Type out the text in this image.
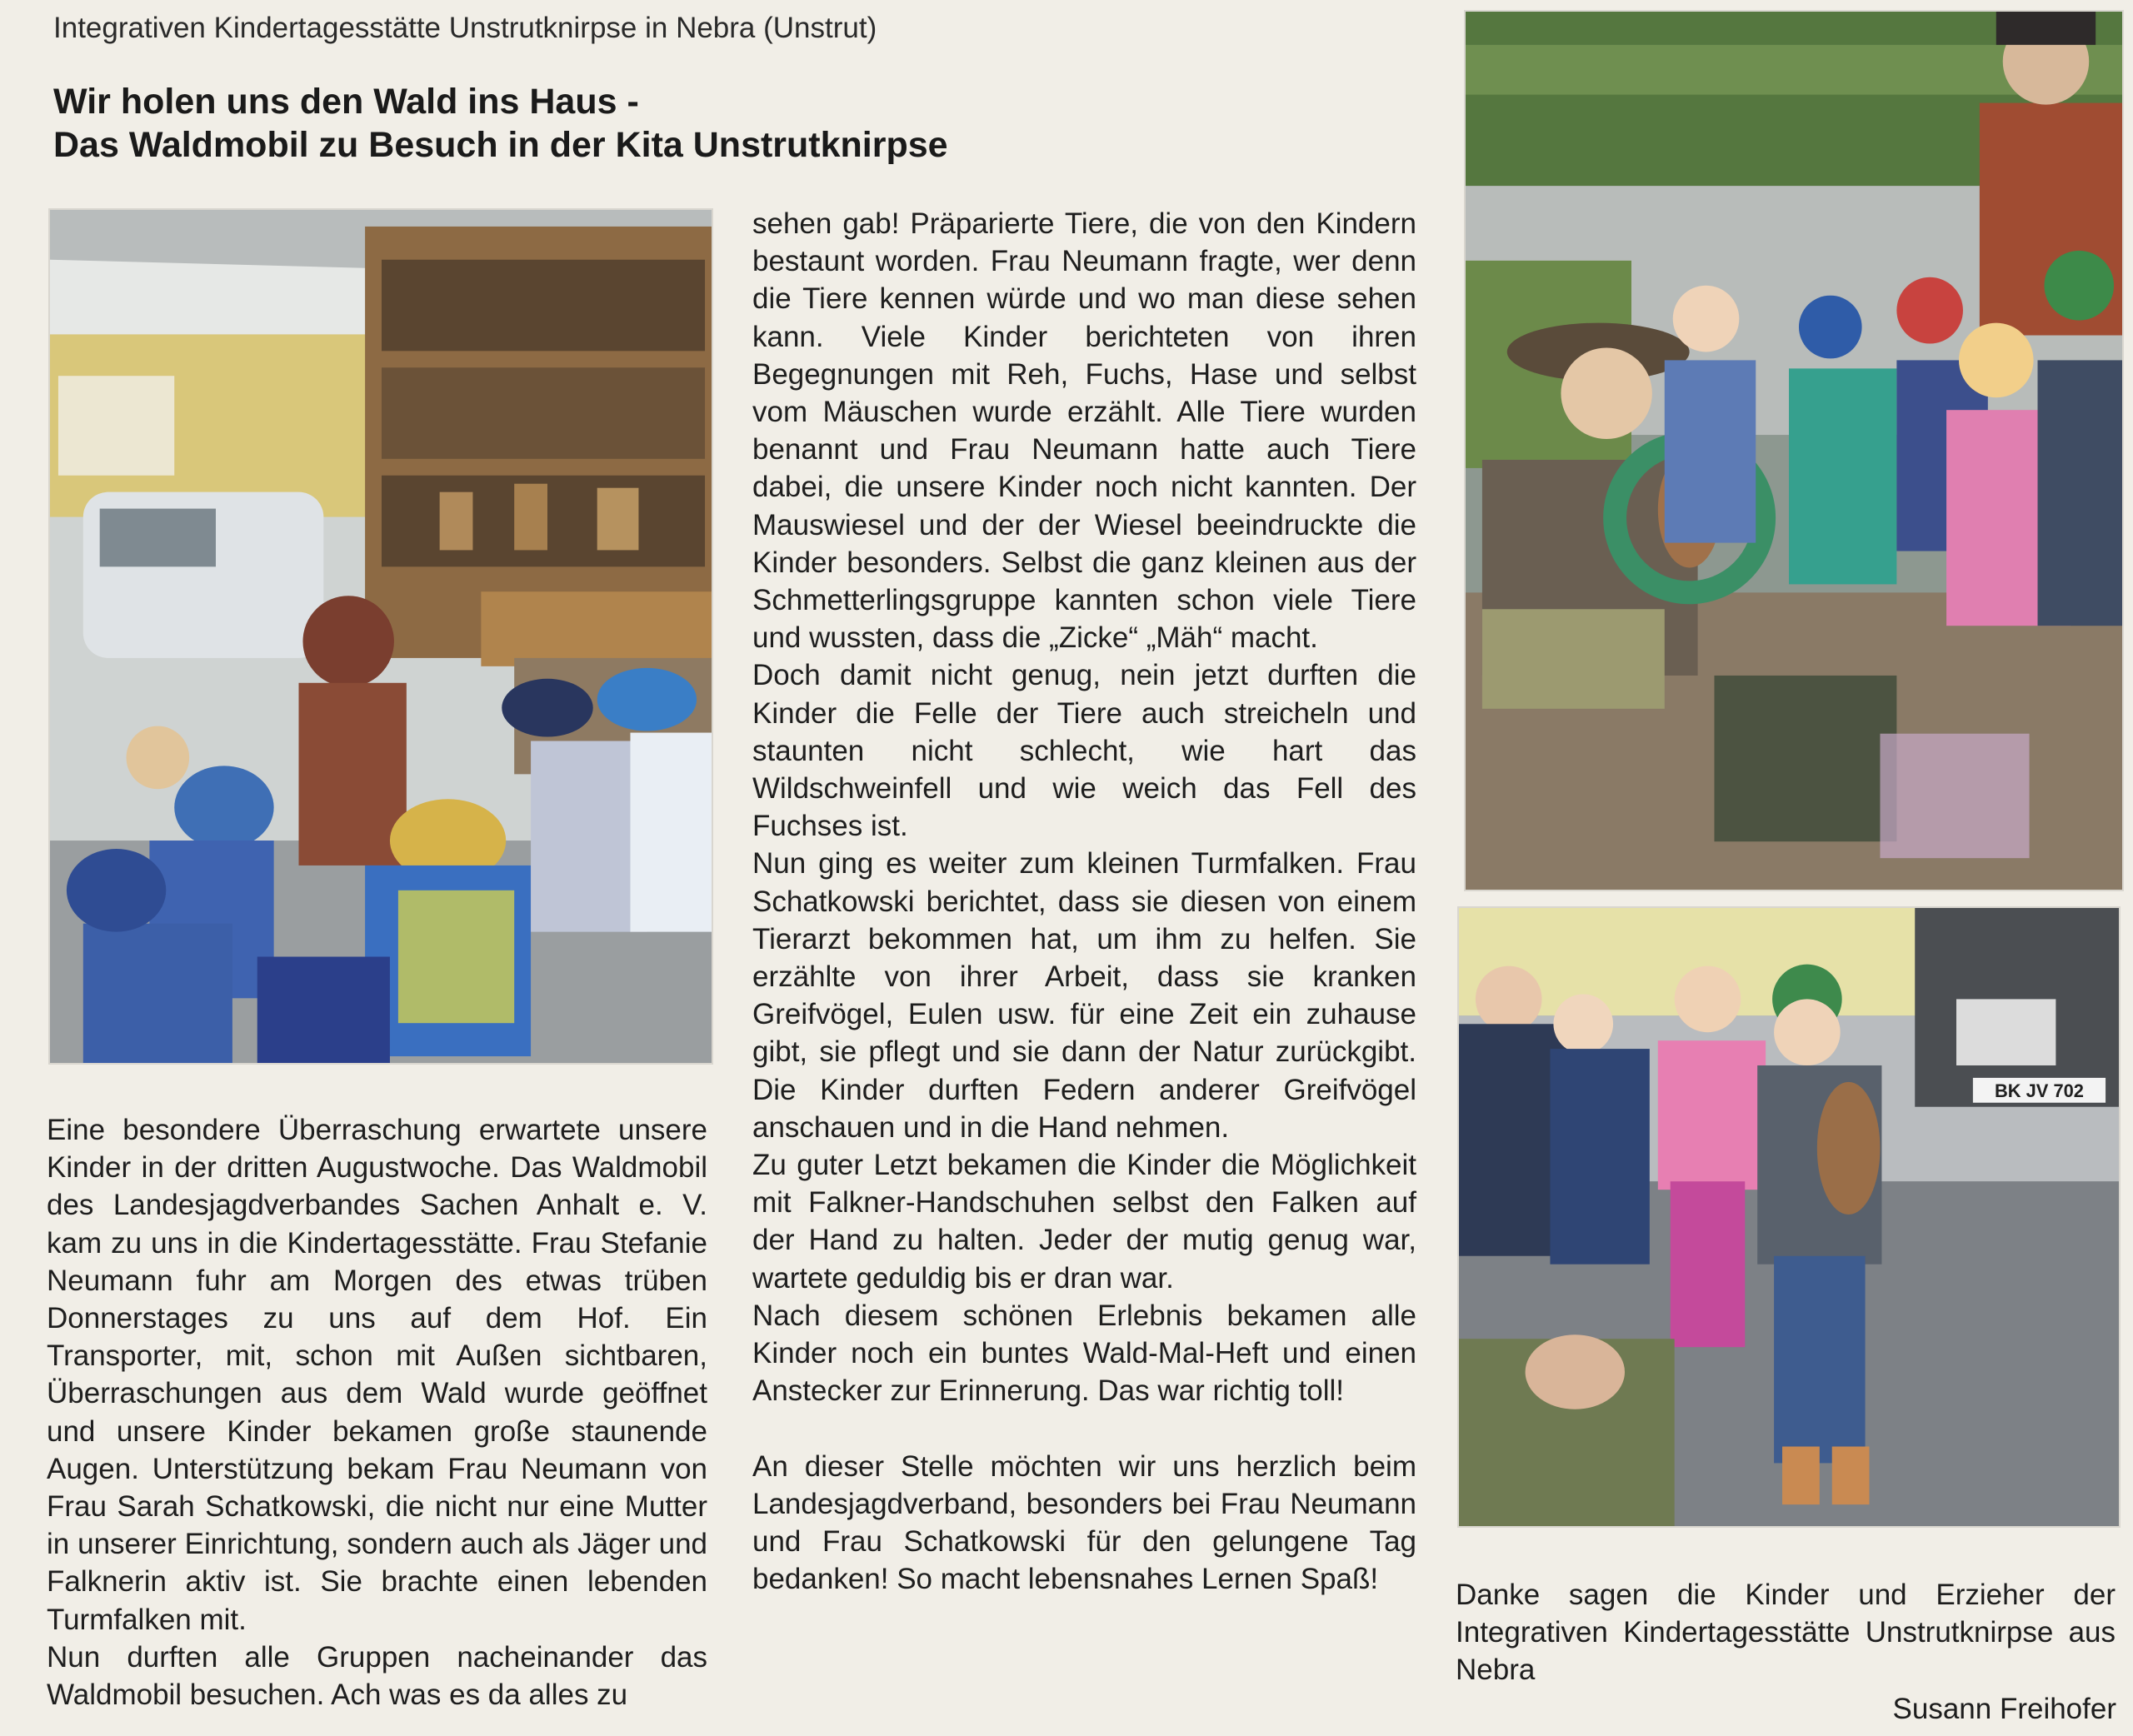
Integrativen Kindertagesstätte Unstrutknirpse in Nebra (Unstrut)
Wir holen uns den Wald ins Haus -
Das Waldmobil zu Besuch in der Kita Unstrutknirpse
BK JV 702

Eine besondere Überraschung erwartete unsere Kinder in der dritten Augustwoche. Das Waldmobil des Landesjagdverbandes Sachen Anhalt e. V. kam zu uns in die Kindertagesstätte. Frau Stefanie Neumann fuhr am Morgen des etwas trüben Donnerstages zu uns auf dem Hof. Ein Transporter, mit, schon mit Außen sichtbaren, Überraschungen aus dem Wald wurde geöffnet und unsere Kinder bekamen große staunende Augen. Unterstützung bekam Frau Neumann von Frau Sarah Schatkowski, die nicht nur eine Mutter in unserer Einrichtung, sondern auch als Jäger und Falknerin aktiv ist. Sie brachte einen lebenden Turmfalken mit.

Nun durften alle Gruppen nacheinander das Waldmobil besuchen. Ach was es da alles zu

sehen gab! Präparierte Tiere, die von den Kindern bestaunt worden. Frau Neumann fragte, wer denn die Tiere kennen würde und wo man diese sehen kann. Viele Kinder berichteten von ihren Begegnungen mit Reh, Fuchs, Hase und selbst vom Mäuschen wurde erzählt. Alle Tiere wurden benannt und Frau Neumann hatte auch Tiere dabei, die unsere Kinder noch nicht kannten. Der Mauswiesel und der der Wiesel beeindruckte die Kinder besonders. Selbst die ganz kleinen aus der Schmetterlingsgruppe kannten schon viele Tiere und wussten, dass die „Zicke“ „Mäh“ macht.

Doch damit nicht genug, nein jetzt durften die Kinder die Felle der Tiere auch streicheln und staunten nicht schlecht, wie hart das Wildschweinfell und wie weich das Fell des Fuchses ist.

Nun ging es weiter zum kleinen Turmfalken. Frau Schatkowski berichtet, dass sie diesen von einem Tierarzt bekommen hat, um ihm zu helfen. Sie erzählte von ihrer Arbeit, dass sie kranken Greifvögel, Eulen usw. für eine Zeit ein zuhause gibt, sie pflegt und sie dann der Natur zurückgibt. Die Kinder durften Federn anderer Greifvögel anschauen und in die Hand nehmen.

Zu guter Letzt bekamen die Kinder die Möglichkeit mit Falkner-Handschuhen selbst den Falken auf der Hand zu halten. Jeder der mutig genug war, wartete geduldig bis er dran war.

Nach diesem schönen Erlebnis bekamen alle Kinder noch ein buntes Wald-Mal-Heft und einen Anstecker zur Erinnerung. Das war richtig toll!

An dieser Stelle möchten wir uns herzlich beim Landesjagdverband, besonders bei Frau Neumann und Frau Schatkowski für den gelungene Tag bedanken! So macht lebensnahes Lernen Spaß!	Danke sagen die Kinder und Erzieher der Integrativen Kindertagesstätte Unstrutknirpse aus Nebra
Susann Freihofer
